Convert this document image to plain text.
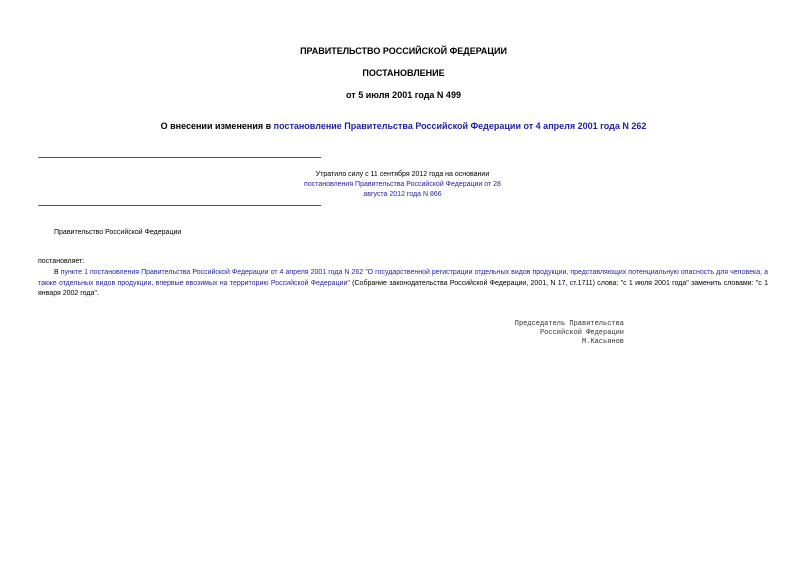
ПРАВИТЕЛЬСТВО РОССИЙСКОЙ ФЕДЕРАЦИИ
ПОСТАНОВЛЕНИЕ
от 5 июля 2001 года N 499
О внесении изменения в постановление Правительства Российской Федерации от 4 апреля 2001 года N 262
Утратило силу с 11 сентября 2012 года на основании
постановления Правительства Российской Федерации от 28 августа 2012 года N 866
Правительство Российской Федерации
постановляет:
В пункте 1 постановления Правительства Российской Федерации от 4 апреля 2001 года N 262 "О государственной регистрации отдельных видов продукции, представляющих потенциальную опасность для человека, а также отдельных видов продукции, впервые ввозимых на территорию Российской Федерации" (Собрание законодательства Российской Федерации, 2001, N 17, ст.1711) слова: "с 1 июля 2001 года" заменить словами: "с 1 января 2002 года".
Председатель Правительства
Российской Федерации
М.Касьянов
